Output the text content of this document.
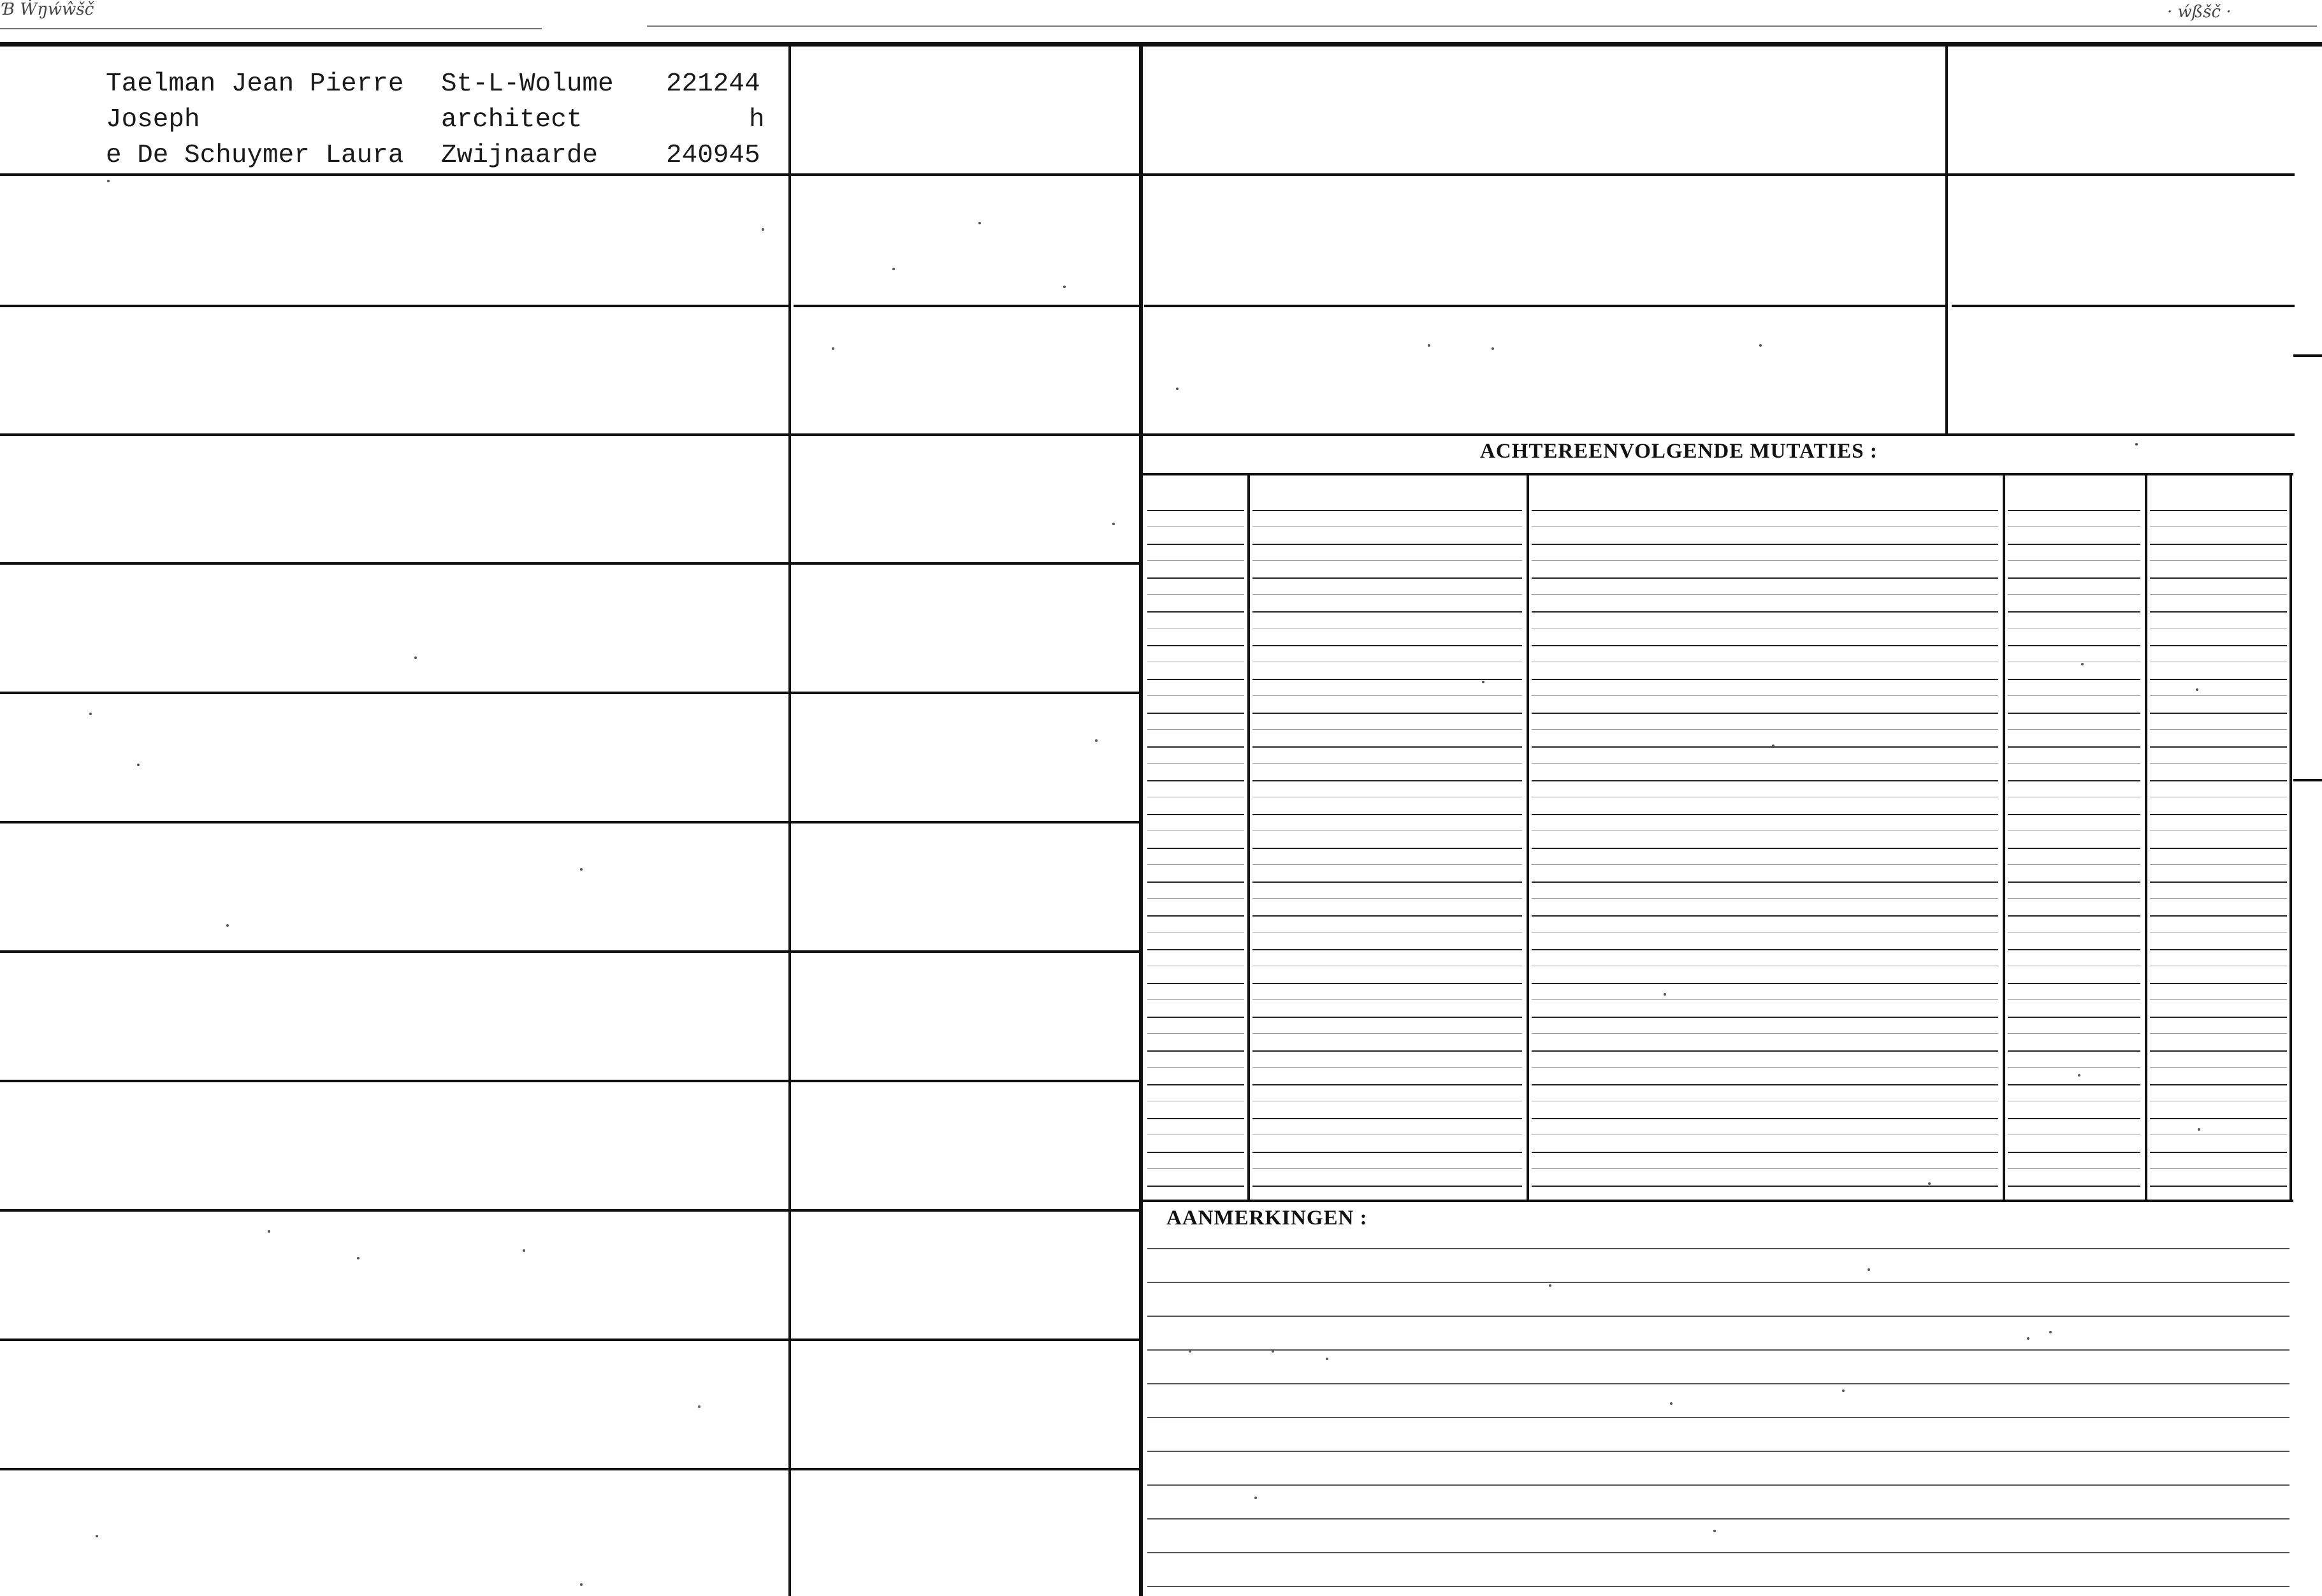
Ɓ Ẇŋẃŵšč	· ẃßšč ·
Taelman Jean Pierre
Joseph
e De Schuymer Laura
St-L-Wolume
architect
Zwijnaarde
221244
h
240945
ACHTEREENVOLGENDE MUTATIES :
AANMERKINGEN :
